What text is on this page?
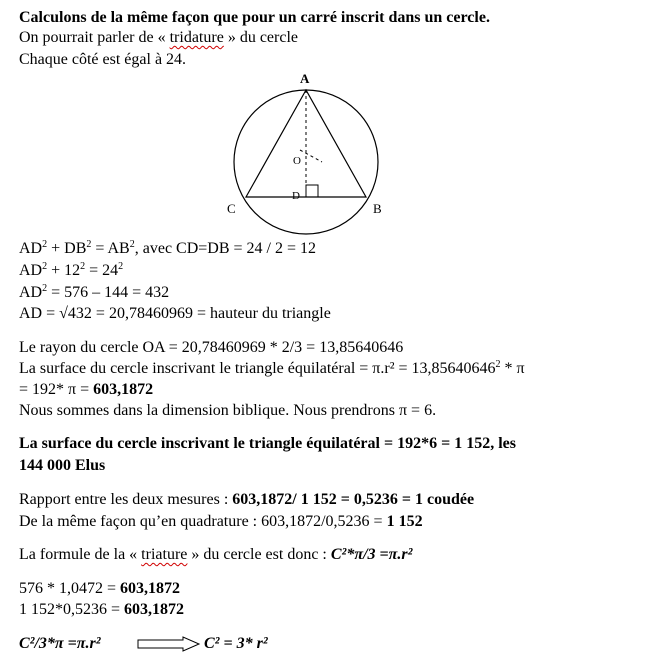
Calculons de la même façon que pour un carré inscrit dans un cercle.
On pourrait parler de « tridature » du cercle
Chaque côté est égal à 24.
A
O
D
C	B
$AD^2 + DB^2 = AB^2$, avec CD=DB = 24 / 2 = 12
$AD^2 + 12^2 = 24^2$
$AD^2 = 576 - 144 = 432$
AD = √432 = 20,78460969 = hauteur du triangle
Le rayon du cercle OA = 20,78460969 * 2/3 = 13,85640646
La surface du cercle inscrivant le triangle équilatéral = $\pi.r^2 = 13,85640646^2 * \pi$
= 192* π = 603,1872
Nous sommes dans la dimension biblique. Nous prendrons π = 6.
La surface du cercle inscrivant le triangle équilatéral = 192*6 = 1 152, les
144 000 Elus
Rapport entre les deux mesures : 603,1872/ 1 152 = 0,5236 = 1 coudée
De la même façon qu’en quadrature : 603,1872/0,5236 = 1 152
La formule de la « triature » du cercle est donc : C²*π/3 =π.r²
576 * 1,0472 = 603,1872
1 152*0,5236 = 603,1872
C²/3*π =π.r²	C² = 3* r²
